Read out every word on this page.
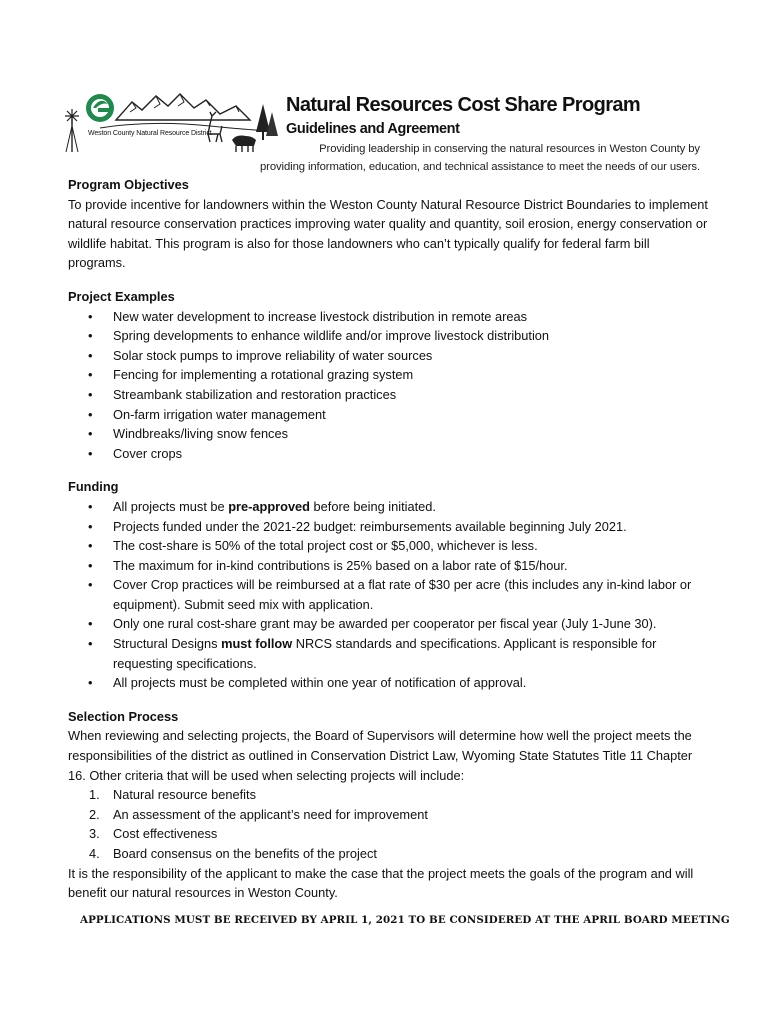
Weston County Natural Resource District
Natural Resources Cost Share Program
Guidelines and Agreement
Providing leadership in conserving the natural resources in Weston County by
providing information, education, and technical assistance to meet the needs of our users.
Program Objectives

To provide incentive for landowners within the Weston County Natural Resource District Boundaries to implement natural resource conservation practices improving water quality and quantity, soil erosion, energy conservation or wildlife habitat. This program is also for those landowners who can’t typically qualify for federal farm bill programs.

Project Examples
• New water development to increase livestock distribution in remote areas
• Spring developments to enhance wildlife and/or improve livestock distribution
• Solar stock pumps to improve reliability of water sources
• Fencing for implementing a rotational grazing system
• Streambank stabilization and restoration practices
• On-farm irrigation water management
• Windbreaks/living snow fences
• Cover crops
Funding
• All projects must be pre-approved before being initiated.
• Projects funded under the 2021-22 budget: reimbursements available beginning July 2021.
• The cost-share is 50% of the total project cost or $5,000, whichever is less.
• The maximum for in-kind contributions is 25% based on a labor rate of $15/hour.
• Cover Crop practices will be reimbursed at a flat rate of $30 per acre (this includes any in-kind labor or equipment). Submit seed mix with application.
• Only one rural cost-share grant may be awarded per cooperator per fiscal year (July 1-June 30).
• Structural Designs must follow NRCS standards and specifications. Applicant is responsible for requesting specifications.
• All projects must be completed within one year of notification of approval.
Selection Process

When reviewing and selecting projects, the Board of Supervisors will determine how well the project meets the responsibilities of the district as outlined in Conservation District Law, Wyoming State Statutes Title 11 Chapter 16. Other criteria that will be used when selecting projects will include:

1. Natural resource benefits
2. An assessment of the applicant’s need for improvement
3. Cost effectiveness
4. Board consensus on the benefits of the project

It is the responsibility of the applicant to make the case that the project meets the goals of the program and will benefit our natural resources in Weston County.

APPLICATIONS MUST BE RECEIVED BY APRIL 1, 2021 TO BE CONSIDERED AT THE APRIL BOARD MEETING
